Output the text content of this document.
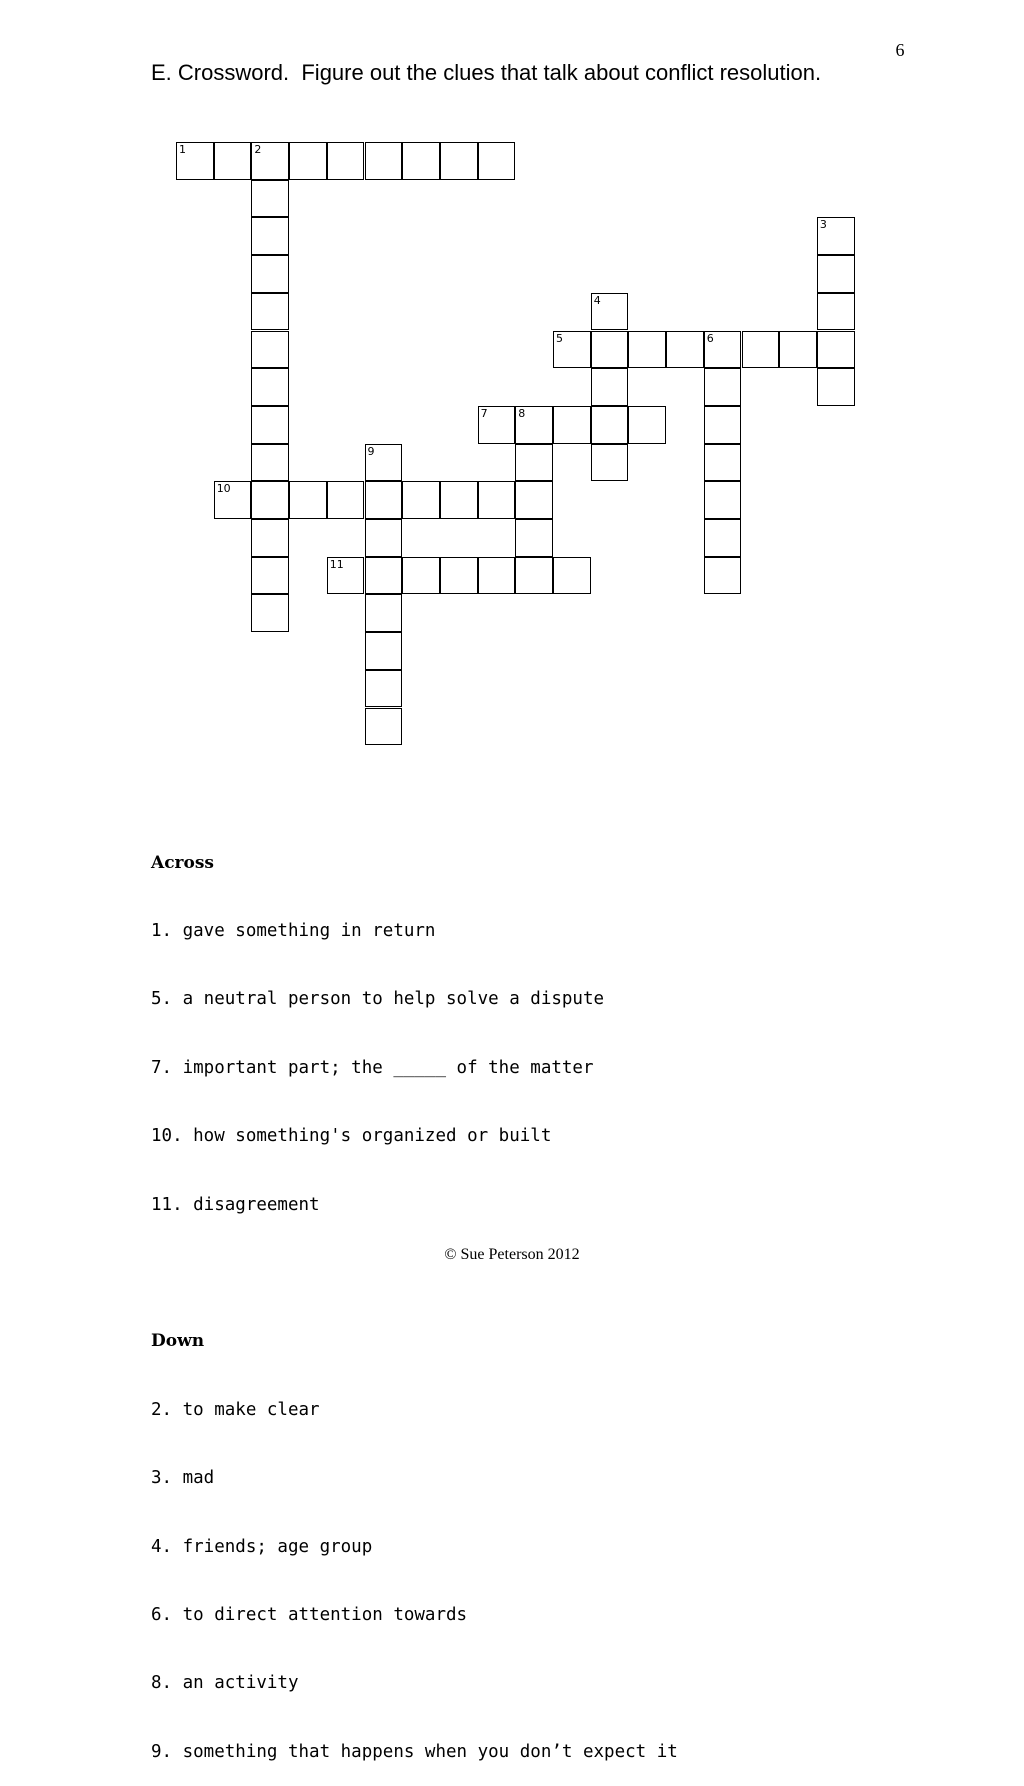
6
E. Crossword.  Figure out the clues that talk about conflict resolution.
1	2
3
4
5	6
7	8
9
10
11

Across

1. gave something in return

5. a neutral person to help solve a dispute

7. important part; the _____ of the matter

10. how something's organized or built

11. disagreement

Down

2. to make clear

3. mad

4. friends; age group

6. to direct attention towards

8. an activity

9. something that happens when you don’t expect it

© Sue Peterson 2012
